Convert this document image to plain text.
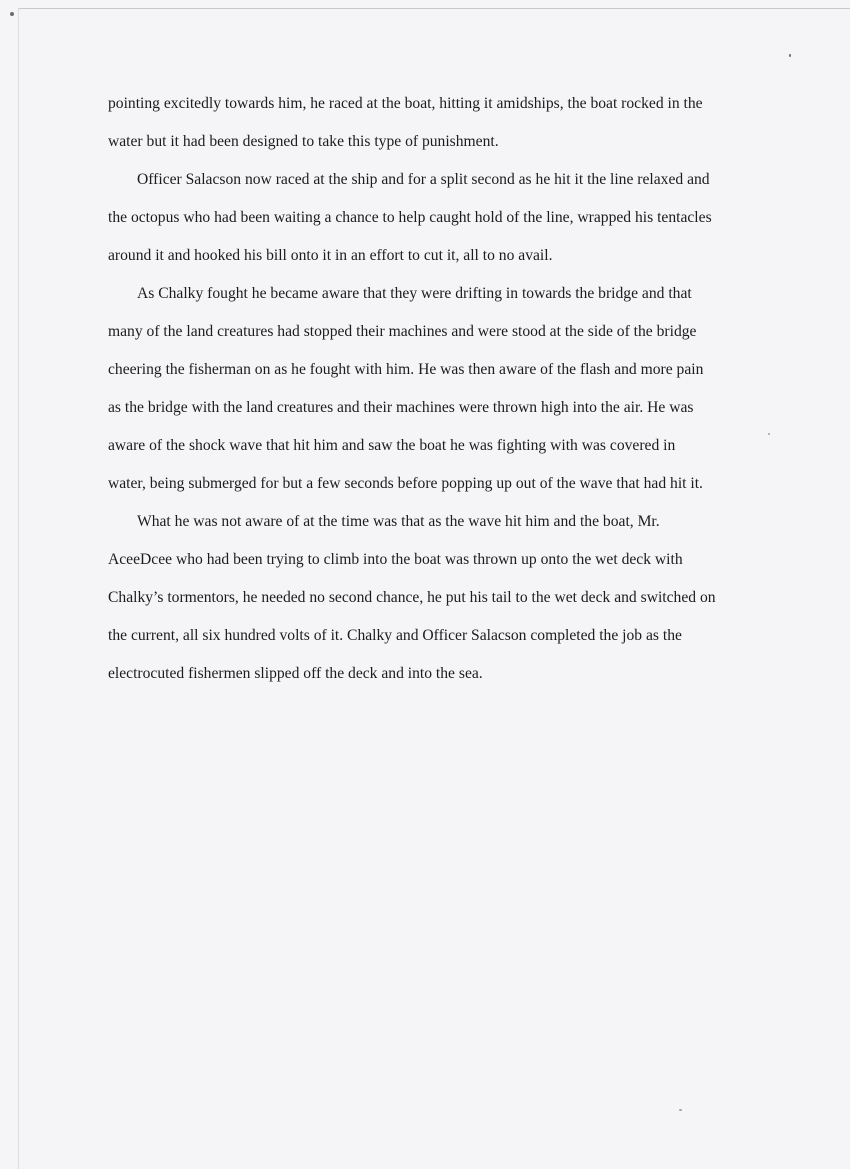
pointing excitedly towards him, he raced at the boat, hitting it amidships, the boat rocked in the
water but it had been designed to take this type of punishment.
Officer Salacson now raced at the ship and for a split second as he hit it the line relaxed and
the octopus who had been waiting a chance to help caught hold of the line, wrapped his tentacles
around it and hooked his bill onto it in an effort to cut it, all to no avail.
As Chalky fought he became aware that they were drifting in towards the bridge and that
many of the land creatures had stopped their machines and were stood at the side of the bridge
cheering the fisherman on as he fought with him. He was then aware of the flash and more pain
as the bridge with the land creatures and their machines were thrown high into the air. He was
aware of the shock wave that hit him and saw the boat he was fighting with was covered in
water, being submerged for but a few seconds before popping up out of the wave that had hit it.
What he was not aware of at the time was that as the wave hit him and the boat, Mr.
AceeDcee who had been trying to climb into the boat was thrown up onto the wet deck with
Chalky’s tormentors, he needed no second chance, he put his tail to the wet deck and switched on
the current, all six hundred volts of it. Chalky and Officer Salacson completed the job as the
electrocuted fishermen slipped off the deck and into the sea.
